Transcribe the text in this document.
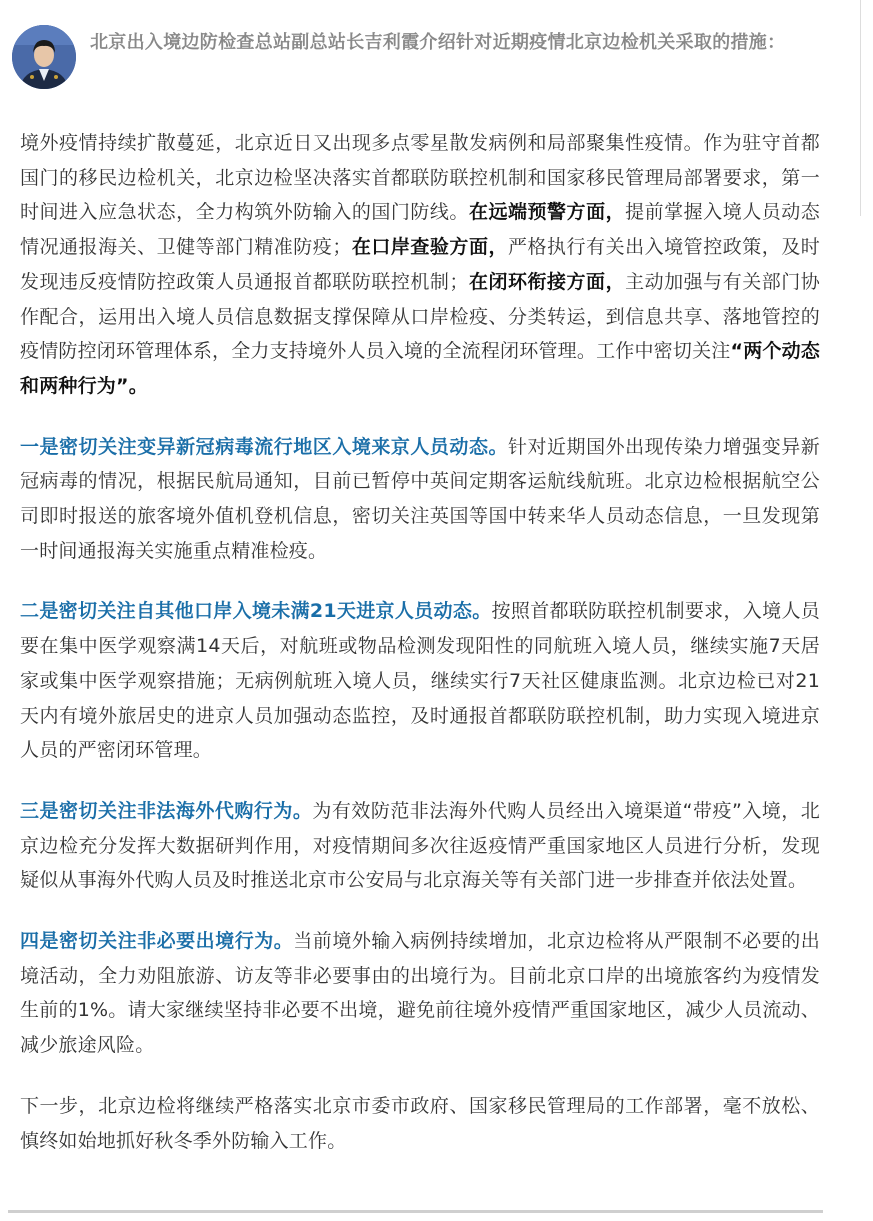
北京出入境边防检查总站副总站长吉利霞介绍针对近期疫情北京边检机关采取的措施：

境外疫情持续扩散蔓延，北京近日又出现多点零星散发病例和局部聚集性疫情。作为驻守首都国门的移民边检机关，北京边检坚决落实首都联防联控机制和国家移民管理局部署要求，第一时间进入应急状态，全力构筑外防输入的国门防线。在远端预警方面，提前掌握入境人员动态情况通报海关、卫健等部门精准防疫；在口岸查验方面，严格执行有关出入境管控政策，及时发现违反疫情防控政策人员通报首都联防联控机制；在闭环衔接方面，主动加强与有关部门协作配合，运用出入境人员信息数据支撑保障从口岸检疫、分类转运，到信息共享、落地管控的疫情防控闭环管理体系，全力支持境外人员入境的全流程闭环管理。工作中密切关注“两个动态和两种行为”。

一是密切关注变异新冠病毒流行地区入境来京人员动态。针对近期国外出现传染力增强变异新冠病毒的情况，根据民航局通知，目前已暂停中英间定期客运航线航班。北京边检根据航空公司即时报送的旅客境外值机登机信息，密切关注英国等国中转来华人员动态信息，一旦发现第一时间通报海关实施重点精准检疫。

二是密切关注自其他口岸入境未满21天进京人员动态。按照首都联防联控机制要求，入境人员要在集中医学观察满14天后，对航班或物品检测发现阳性的同航班入境人员，继续实施7天居家或集中医学观察措施；无病例航班入境人员，继续实行7天社区健康监测。北京边检已对21天内有境外旅居史的进京人员加强动态监控，及时通报首都联防联控机制，助力实现入境进京人员的严密闭环管理。

三是密切关注非法海外代购行为。为有效防范非法海外代购人员经出入境渠道“带疫”入境，北京边检充分发挥大数据研判作用，对疫情期间多次往返疫情严重国家地区人员进行分析，发现疑似从事海外代购人员及时推送北京市公安局与北京海关等有关部门进一步排查并依法处置。

四是密切关注非必要出境行为。当前境外输入病例持续增加，北京边检将从严限制不必要的出境活动，全力劝阻旅游、访友等非必要事由的出境行为。目前北京口岸的出境旅客约为疫情发生前的1%。请大家继续坚持非必要不出境，避免前往境外疫情严重国家地区，减少人员流动、减少旅途风险。

下一步，北京边检将继续严格落实北京市委市政府、国家移民管理局的工作部署，毫不放松、慎终如始地抓好秋冬季外防输入工作。
